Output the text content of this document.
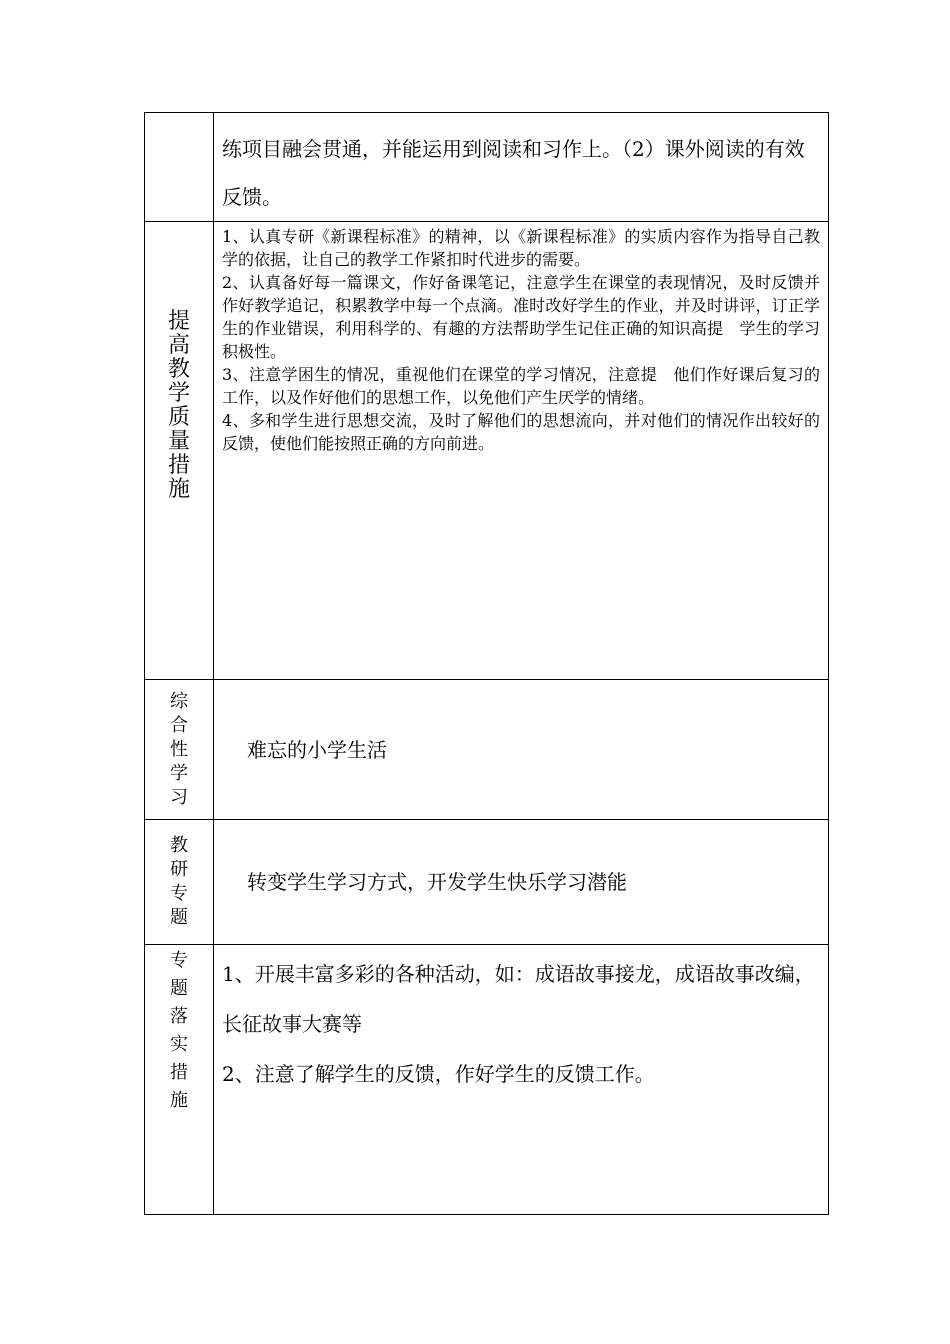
	练项目融会贯通，并能运用到阅读和习作上。（2）课外阅读的有效反馈。

提高教学质量措施	1、认真专研《新课程标准》的精神，以《新课程标准》的实质内容作为指导自己教学的依据，让自己的教学工作紧扣时代进步的需要。

2、认真备好每一篇课文，作好备课笔记，注意学生在课堂的表现情况，及时反馈并作好教学追记，积累教学中每一个点滴。准时改好学生的作业，并及时讲评，订正学生的作业错误，利用科学的、有趣的方法帮助学生记住正确的知识高提　学生的学习积极性。

3、注意学困生的情况，重视他们在课堂的学习情况，注意提　他们作好课后复习的工作，以及作好他们的思想工作，以免他们产生厌学的情绪。

4、多和学生进行思想交流，及时了解他们的思想流向，并对他们的情况作出较好的反馈，使他们能按照正确的方向前进。

综合性学习	难忘的小学生活

教研专题	转变学生学习方式，开发学生快乐学习潜能

专题落实措施	1、开展丰富多彩的各种活动，如：成语故事接龙，成语故事改编，长征故事大赛等

2、注意了解学生的反馈，作好学生的反馈工作。
